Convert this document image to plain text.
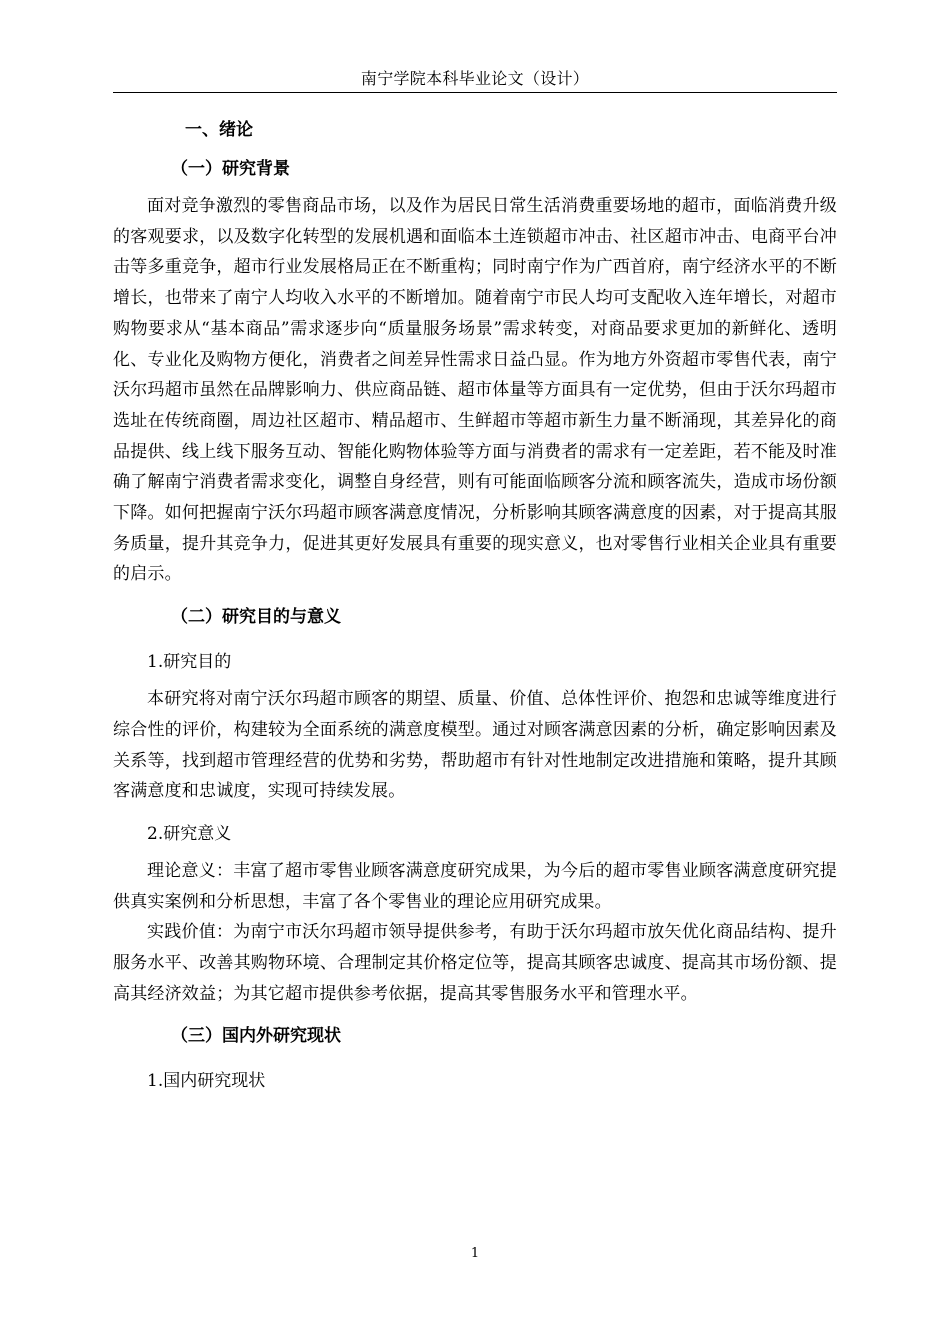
南宁学院本科毕业论文（设计）
一、绪论
（一）研究背景

面对竞争激烈的零售商品市场，以及作为居民日常生活消费重要场地的超市，面临消费升级的客观要求，以及数字化转型的发展机遇和面临本土连锁超市冲击、社区超市冲击、电商平台冲击等多重竞争，超市行业发展格局正在不断重构；同时南宁作为广西首府，南宁经济水平的不断增长，也带来了南宁人均收入水平的不断增加。随着南宁市民人均可支配收入连年增长，对超市购物要求从“基本商品”需求逐步向“质量服务场景”需求转变，对商品要求更加的新鲜化、透明化、专业化及购物方便化，消费者之间差异性需求日益凸显。作为地方外资超市零售代表，南宁沃尔玛超市虽然在品牌影响力、供应商品链、超市体量等方面具有一定优势，但由于沃尔玛超市选址在传统商圈，周边社区超市、精品超市、生鲜超市等超市新生力量不断涌现，其差异化的商品提供、线上线下服务互动、智能化购物体验等方面与消费者的需求有一定差距，若不能及时准确了解南宁消费者需求变化，调整自身经营，则有可能面临顾客分流和顾客流失，造成市场份额下降。如何把握南宁沃尔玛超市顾客满意度情况，分析影响其顾客满意度的因素，对于提高其服务质量，提升其竞争力，促进其更好发展具有重要的现实意义，也对零售行业相关企业具有重要的启示。

（二）研究目的与意义
1.研究目的

本研究将对南宁沃尔玛超市顾客的期望、质量、价值、总体性评价、抱怨和忠诚等维度进行综合性的评价，构建较为全面系统的满意度模型。通过对顾客满意因素的分析，确定影响因素及关系等，找到超市管理经营的优势和劣势，帮助超市有针对性地制定改进措施和策略，提升其顾客满意度和忠诚度，实现可持续发展。

2.研究意义

理论意义：丰富了超市零售业顾客满意度研究成果，为今后的超市零售业顾客满意度研究提供真实案例和分析思想，丰富了各个零售业的理论应用研究成果。

实践价值：为南宁市沃尔玛超市领导提供参考，有助于沃尔玛超市放矢优化商品结构、提升服务水平、改善其购物环境、合理制定其价格定位等，提高其顾客忠诚度、提高其市场份额、提高其经济效益；为其它超市提供参考依据，提高其零售服务水平和管理水平。

（三）国内外研究现状
1.国内研究现状
1
